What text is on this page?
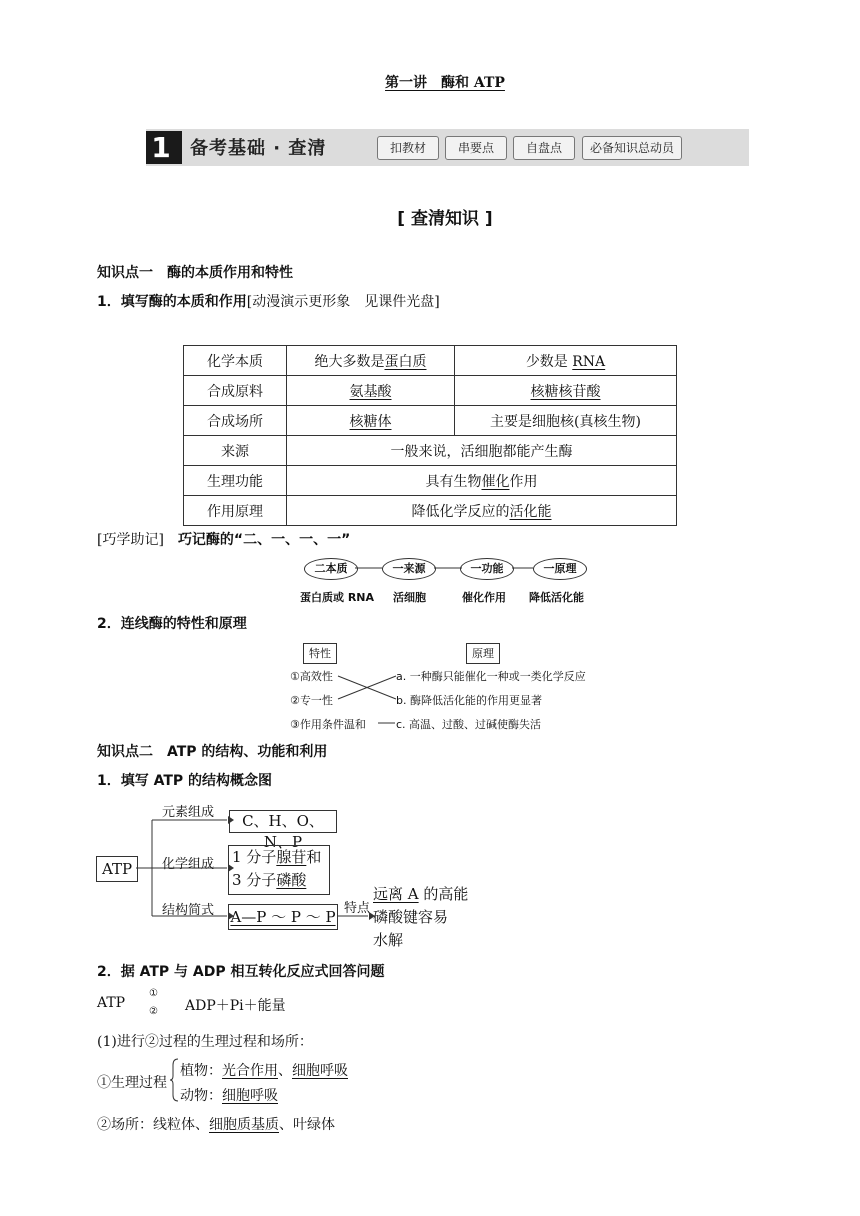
第一讲　酶和 ATP
1 备考基础 · 查清	扣教材	串要点	自盘点	必备知识总动员
[ 查清知识 ]
知识点一　酶的本质作用和特性
1．填写酶的本质和作用[动漫演示更形象　见课件光盘]
化学本质	绝大多数是蛋白质	少数是 RNA
合成原料	氨基酸	核糖核苷酸
合成场所	核糖体	主要是细胞核(真核生物)
来源	一般来说，活细胞都能产生酶	
生理功能	具有生物催化作用	
作用原理	降低化学反应的活化能	
[巧学助记]　 巧记酶的“二、一、一、一”
二本质	一来源	一功能	一原理
蛋白质或 RNA 活细胞	催化作用 降低活化能
2．连线酶的特性和原理
特性	原理
①高效性
②专一性
③作用条件温和
a. 一种酶只能催化一种或一类化学反应
b. 酶降低活化能的作用更显著
c. 高温、过酸、过碱使酶失活
知识点二　ATP 的结构、功能和利用
1．填写 ATP 的结构概念图
ATP
元素组成	C、H、O、N、P
化学组成 1 分子腺苷和
3 分子磷酸
结构简式 A—P ～ P ～ P 特点
远离 A 的高能
磷酸键容易
水解
2．据 ATP 与 ADP 相互转化反应式回答问题
ATP
①
② ADP＋Pi＋能量
(1)进行②过程的生理过程和场所：
①生理过程
植物：光合作用、细胞呼吸
动物：细胞呼吸
②场所：线粒体、细胞质基质、叶绿体
